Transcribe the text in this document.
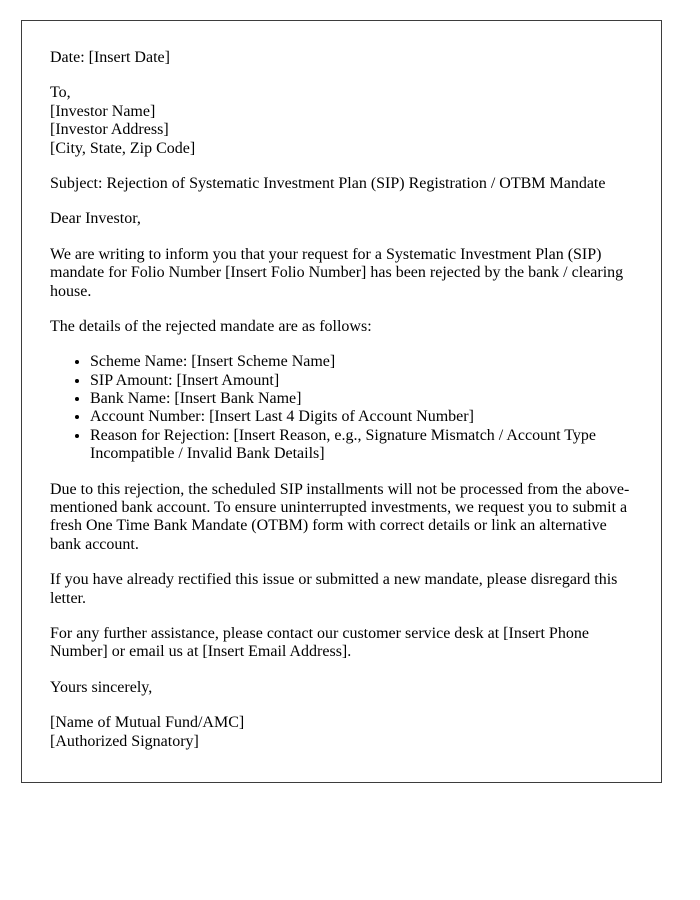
Date: [Insert Date]

To,
[Investor Name]
[Investor Address]
[City, State, Zip Code]

Subject: Rejection of Systematic Investment Plan (SIP) Registration / OTBM Mandate

Dear Investor,

We are writing to inform you that your request for a Systematic Investment Plan (SIP) mandate for Folio Number [Insert Folio Number] has been rejected by the bank / clearing house.

The details of the rejected mandate are as follows:

• Scheme Name: [Insert Scheme Name]
• SIP Amount: [Insert Amount]
• Bank Name: [Insert Bank Name]
• Account Number: [Insert Last 4 Digits of Account Number]
• Reason for Rejection: [Insert Reason, e.g., Signature Mismatch / Account Type Incompatible / Invalid Bank Details]

Due to this rejection, the scheduled SIP installments will not be processed from the above-mentioned bank account. To ensure uninterrupted investments, we request you to submit a fresh One Time Bank Mandate (OTBM) form with correct details or link an alternative bank account.

If you have already rectified this issue or submitted a new mandate, please disregard this letter.

For any further assistance, please contact our customer service desk at [Insert Phone Number] or email us at [Insert Email Address].

Yours sincerely,

[Name of Mutual Fund/AMC]
[Authorized Signatory]
